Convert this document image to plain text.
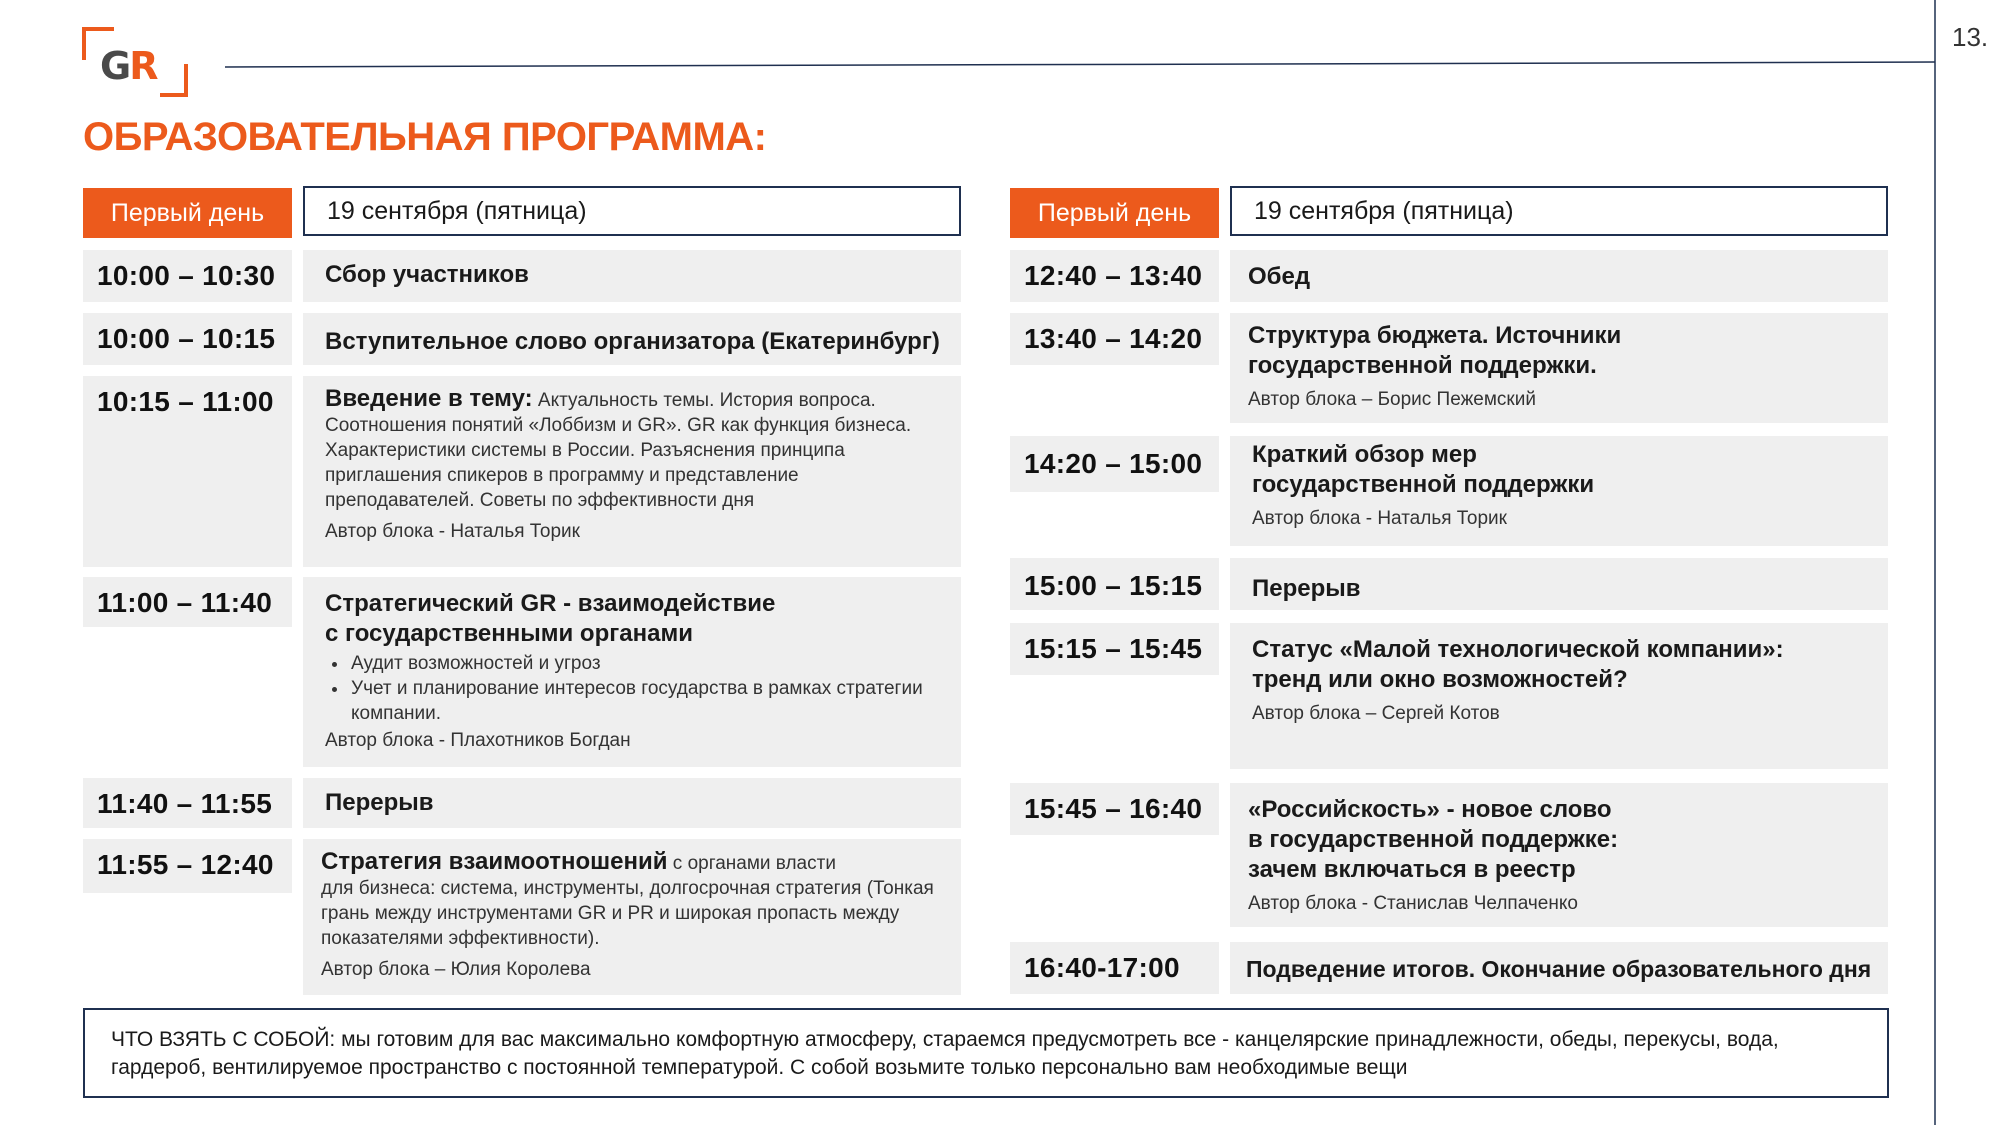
GR
13.
ОБРАЗОВАТЕЛЬНАЯ ПРОГРАММА:
Первый день	19 сентября (пятница)
10:00 – 10:30	Сбор участников
10:00 – 10:15	Вступительное слово организатора (Екатеринбург)
10:15 – 11:00	Введение в тему: Актуальность темы. История вопроса. Соотношения понятий «Лоббизм и GR». GR как функция бизнеса. Характеристики системы в России. Разъяснения принципа приглашения спикеров в программу и представление преподавателей. Советы по эффективности дня
Автор блока - Наталья Торик
11:00 – 11:40	Стратегический GR - взаимодействие
с государственными органами
• Аудит возможностей и угроз
• Учет и планирование интересов государства в рамках стратегии компании.
Автор блока - Плахотников Богдан
11:40 – 11:55	Перерыв
11:55 – 12:40	Стратегия взаимоотношений с органами власти
для бизнеса: система, инструменты, долгосрочная стратегия (Тонкая грань между инструментами GR и PR и широкая пропасть между показателями эффективности).
Автор блока – Юлия Королева
Первый день	19 сентября (пятница)
12:40 – 13:40	Обед
13:40 – 14:20	Структура бюджета. Источники
государственной поддержки.
Автор блока – Борис Пежемский
14:20 – 15:00	Краткий обзор мер
государственной поддержки
Автор блока - Наталья Торик
15:00 – 15:15	Перерыв
15:15 – 15:45	Статус «Малой технологической компании»:
тренд или окно возможностей?
Автор блока – Сергей Котов
15:45 – 16:40	«Российскость» - новое слово
в государственной поддержке:
зачем включаться в реестр
Автор блока - Станислав Челпаченко
16:40-17:00	Подведение итогов. Окончание образовательного дня
ЧТО ВЗЯТЬ С СОБОЙ: мы готовим для вас максимально комфортную атмосферу, стараемся предусмотреть все - канцелярские принадлежности, обеды, перекусы, вода, гардероб, вентилируемое пространство с постоянной температурой. С собой возьмите только персонально вам необходимые вещи
